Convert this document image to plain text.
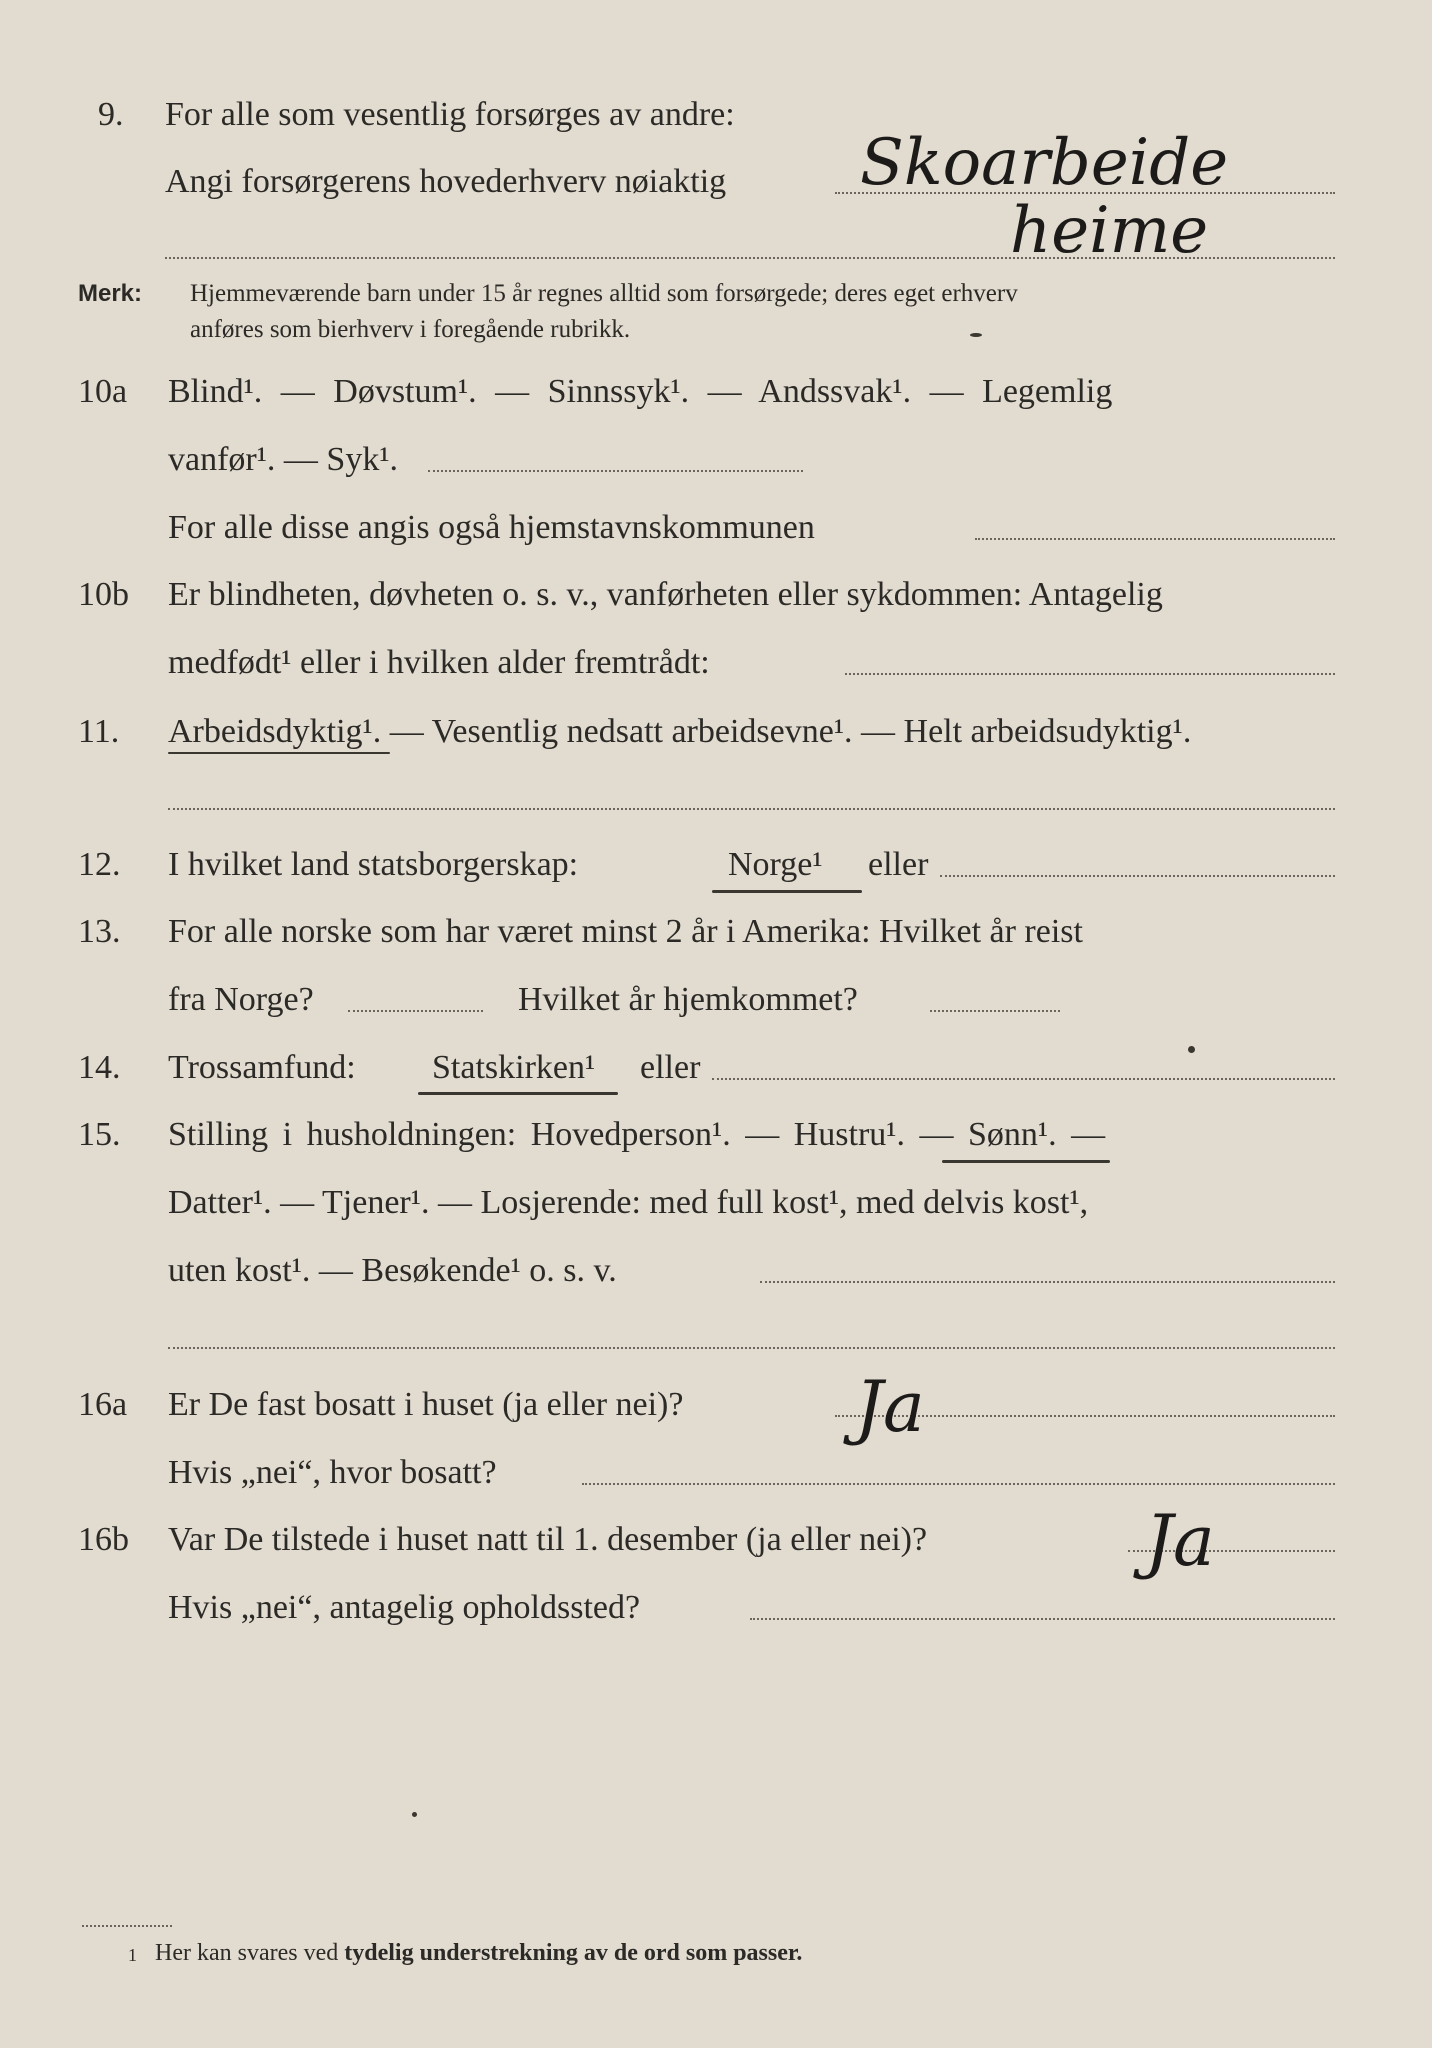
9. For alle som vesentlig forsørges av andre:
Angi forsørgerens hovederhverv nøiaktig Skoarbeide
heime
Merk: Hjemmeværende barn under 15 år regnes alltid som forsørgede; deres eget erhverv
anføres som bierhverv i foregående rubrikk.
10a Blind¹. — Døvstum¹. — Sinnssyk¹. — Andssvak¹. — Legemlig
vanfør¹. — Syk¹.
For alle disse angis også hjemstavnskommunen
10b Er blindheten, døvheten o. s. v., vanførheten eller sykdommen: Antagelig
medfødt¹ eller i hvilken alder fremtrådt:
11. Arbeidsdyktig¹. — Vesentlig nedsatt arbeidsevne¹. — Helt arbeidsudyktig¹.
12. I hvilket land statsborgerskap:	Norge¹ eller
13. For alle norske som har været minst 2 år i Amerika: Hvilket år reist
fra Norge?	Hvilket år hjemkommet?
14. Trossamfund: Statskirken¹ eller
15. Stilling i husholdningen: Hovedperson¹. — Hustru¹. — Sønn¹. —
Datter¹. — Tjener¹. — Losjerende: med full kost¹, med delvis kost¹,
uten kost¹. — Besøkende¹ o. s. v.
16a Er De fast bosatt i huset (ja eller nei)? Ja
Hvis „nei“, hvor bosatt?
16b Var De tilstede i huset natt til 1. desember (ja eller nei)?	Ja
Hvis „nei“, antagelig opholdssted?
1 Her kan svares ved tydelig understrekning av de ord som passer.
